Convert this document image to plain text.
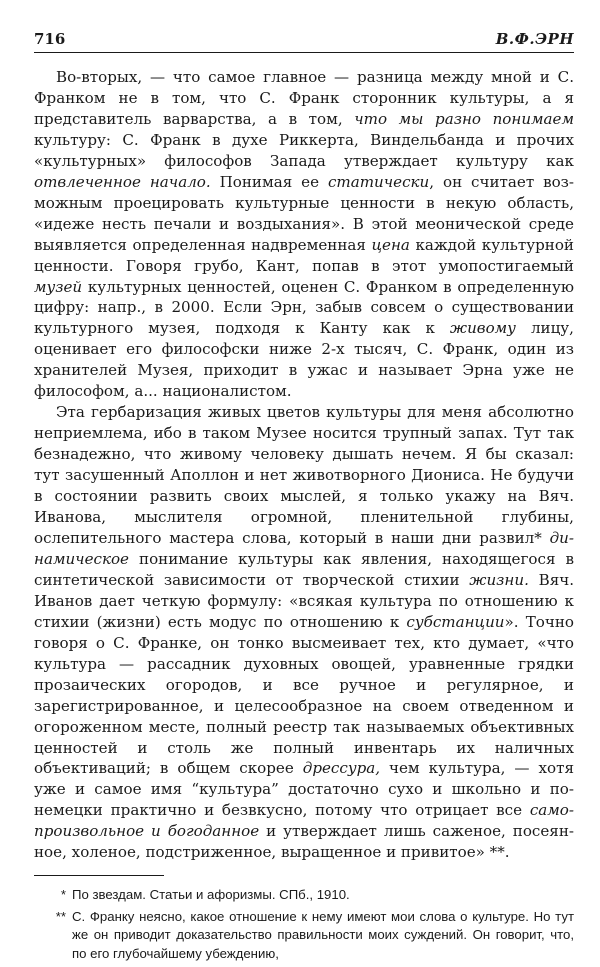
716	В.Ф.ЭРН

Во-вторых, — что самое главное — разница между мной и С. Франком не в том, что С. Франк сторонник культуры, а я представитель варварства, а в том, что мы разно понимаем культуру: С. Франк в духе Риккерта, Виндельбанда и прочих «культурных» философов Запада утверждает культуру как отвлеченное начало. Понимая ее статически, он считает возможным проецировать культурные ценности в некую область, «идеже несть печали и воздыхания». В этой меонической среде выявляется определенная надвременная цена каждой культурной ценности. Говоря грубо, Кант, попав в этот умопостигаемый музей культурных ценностей, оценен С. Франком в определенную цифру: напр., в 2000. Если Эрн, забыв совсем о существовании культурного музея, подходя к Канту как к живому лицу, оценивает его философски ниже 2-х тысяч, С. Франк, один из хранителей Музея, приходит в ужас и называет Эрна уже не философом, а... националистом.

Эта гербаризация живых цветов культуры для меня абсолютно неприемлема, ибо в таком Музее носится трупный запах. Тут так безнадежно, что живому человеку дышать нечем. Я бы сказал: тут засушенный Аполлон и нет животворного Диониса. Не будучи в состоянии развить своих мыслей, я только укажу на Вяч. Иванова, мыслителя огромной, пленительной глубины, ослепительного мастера слова, который в наши дни развил* динамическое понимание культуры как явления, находящегося в синтетической зависимости от творческой стихии жизни. Вяч. Иванов дает четкую формулу: «всякая культура по отношению к стихии (жизни) есть модус по отношению к субстанции». Точно говоря о С. Франке, он тонко высмеивает тех, кто думает, «что культура — рассадник духовных овощей, уравненные грядки прозаических огородов, и все ручное и регулярное, и зарегистрированное, и целесообразное на своем отведенном и огороженном месте, полный реестр так называемых объективных ценностей и столь же полный инвентарь их наличных объективаций; в общем скорее дрессура, чем культура, — хотя уже и самое имя “культура” достаточно сухо и школьно и понемецки практично и безвкусно, потому что отрицает все самопроизвольное и богоданное и утверждает лишь саженое, посеянное, холеное, подстриженное, выращенное и привитое» **.

* По звездам. Статьи и афоризмы. СПб., 1910.
** С. Франку неясно, какое отношение к нему имеют мои слова о культуре. Но тут же он приводит доказательство правильности моих суждений. Он говорит, что, по его глубочайшему убеждению,
